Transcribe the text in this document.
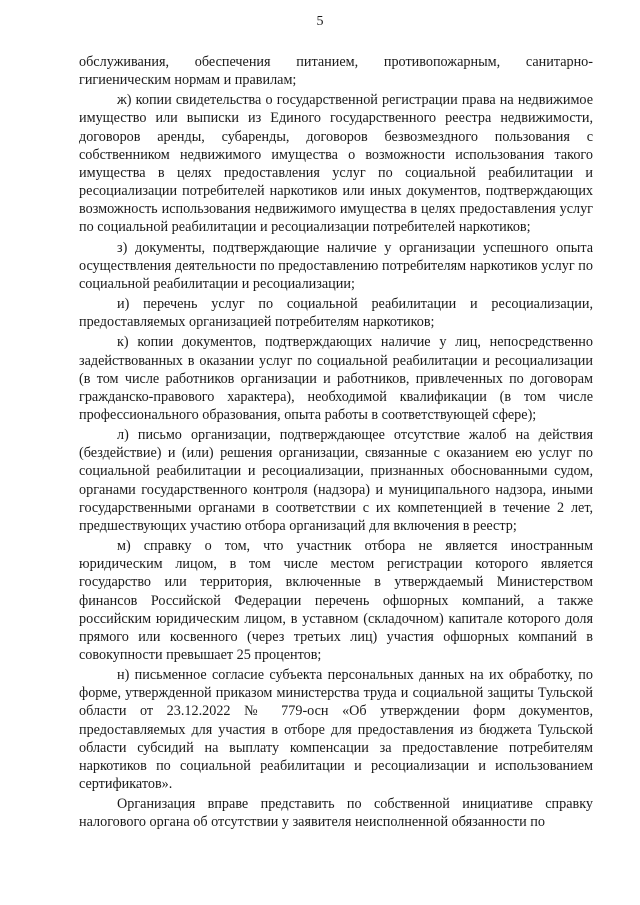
5

обслуживания, обеспечения питанием, противопожарным, санитарно-гигиеническим нормам и правилам;

ж) копии свидетельства о государственной регистрации права на недвижимое имущество или выписки из Единого государственного реестра недвижимости, договоров аренды, субаренды, договоров безвозмездного пользования с собственником недвижимого имущества о возможности использования такого имущества в целях предоставления услуг по социальной реабилитации и ресоциализации потребителей наркотиков или иных документов, подтверждающих возможность использования недвижимого имущества в целях предоставления услуг по социальной реабилитации и ресоциализации потребителей наркотиков;

з) документы, подтверждающие наличие у организации успешного опыта осуществления деятельности по предоставлению потребителям наркотиков услуг по социальной реабилитации и ресоциализации;

и) перечень услуг по социальной реабилитации и ресоциализации, предоставляемых организацией потребителям наркотиков;

к) копии документов, подтверждающих наличие у лиц, непосредственно задействованных в оказании услуг по социальной реабилитации и ресоциализации (в том числе работников организации и работников, привлеченных по договорам гражданско-правового характера), необходимой квалификации (в том числе профессионального образования, опыта работы в соответствующей сфере);

л) письмо организации, подтверждающее отсутствие жалоб на действия (бездействие) и (или) решения организации, связанные с оказанием ею услуг по социальной реабилитации и ресоциализации, признанных обоснованными судом, органами государственного контроля (надзора) и муниципального надзора, иными государственными органами в соответствии с их компетенцией в течение 2 лет, предшествующих участию отбора организаций для включения в реестр;

м) справку о том, что участник отбора не является иностранным юридическим лицом, в том числе местом регистрации которого является государство или территория, включенные в утверждаемый Министерством финансов Российской Федерации перечень офшорных компаний, а также российским юридическим лицом, в уставном (складочном) капитале которого доля прямого или косвенного (через третьих лиц) участия офшорных компаний в совокупности превышает 25 процентов;

н) письменное согласие субъекта персональных данных на их обработку, по форме, утвержденной приказом министерства труда и социальной защиты Тульской области от 23.12.2022 № 779-осн «Об утверждении форм документов, предоставляемых для участия в отборе для предоставления из бюджета Тульской области субсидий на выплату компенсации за предоставление потребителям наркотиков по социальной реабилитации и ресоциализации и использованием сертификатов».

Организация вправе представить по собственной инициативе справку налогового органа об отсутствии у заявителя неисполненной обязанности по
